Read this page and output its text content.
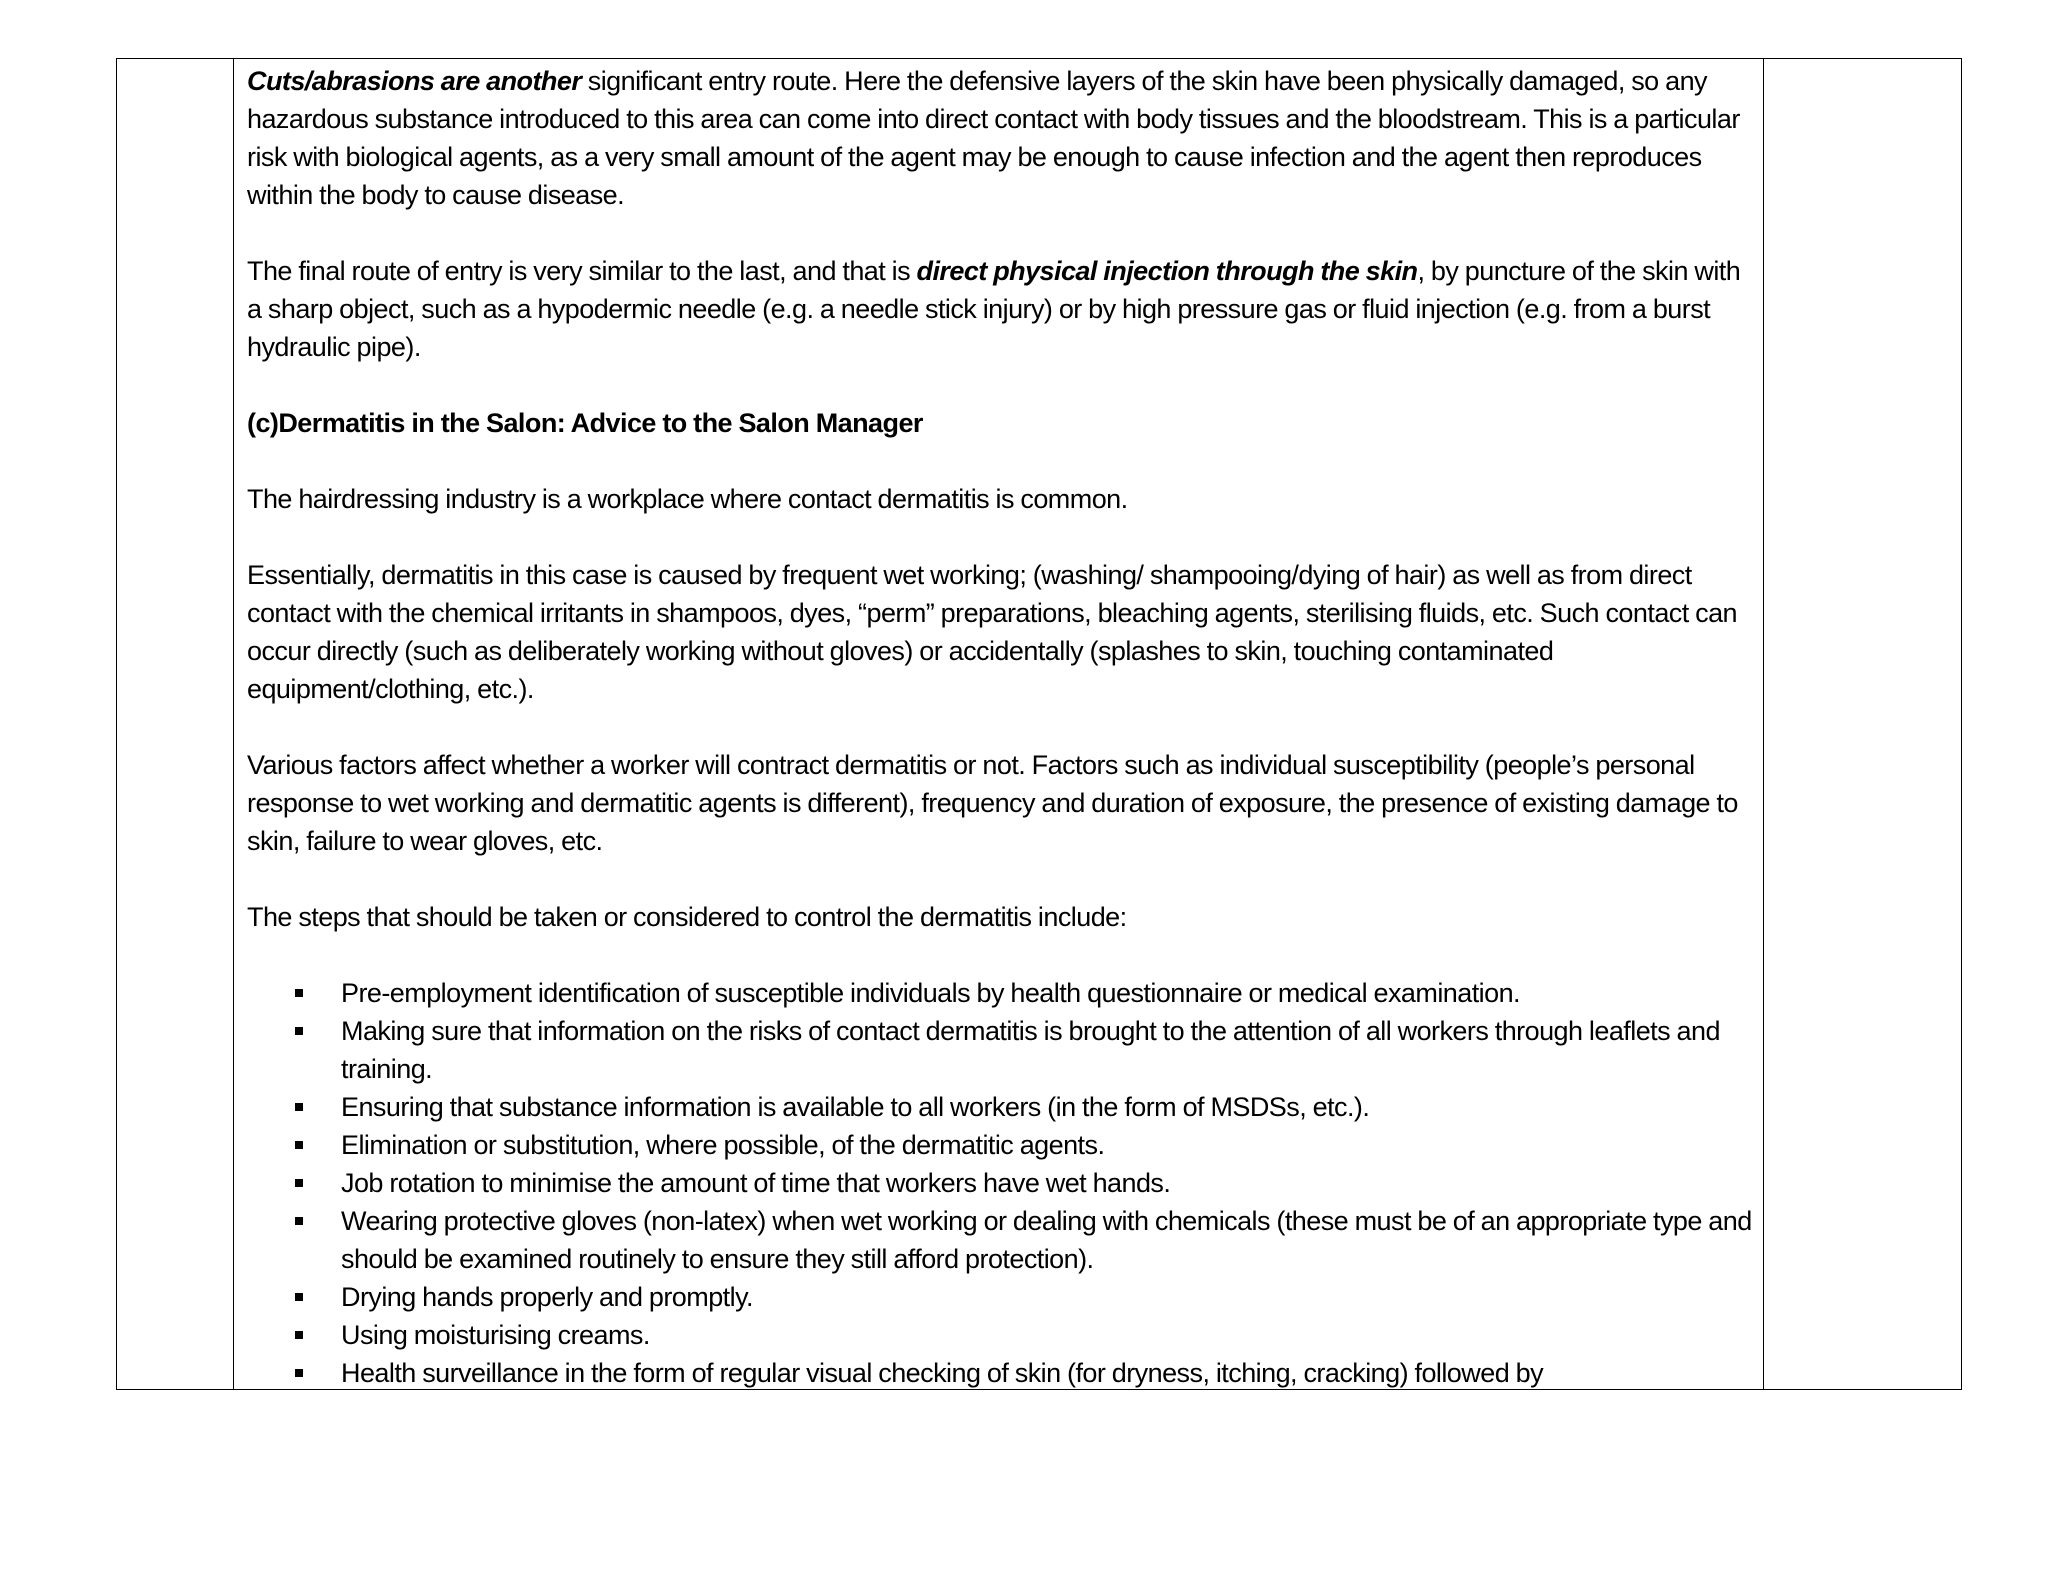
Cuts/abrasions are another significant entry route. Here the defensive layers of the skin have been physically damaged, so any hazardous substance introduced to this area can come into direct contact with body tissues and the bloodstream. This is a particular risk with biological agents, as a very small amount of the agent may be enough to cause infection and the agent then reproduces within the body to cause disease.

The final route of entry is very similar to the last, and that is direct physical injection through the skin, by puncture of the skin with a sharp object, such as a hypodermic needle (e.g. a needle stick injury) or by high pressure gas or fluid injection (e.g. from a burst hydraulic pipe).

(c)Dermatitis in the Salon: Advice to the Salon Manager

The hairdressing industry is a workplace where contact dermatitis is common.

Essentially, dermatitis in this case is caused by frequent wet working; (washing/ shampooing/dying of hair) as well as from direct contact with the chemical irritants in shampoos, dyes, “perm” preparations, bleaching agents, sterilising fluids, etc. Such contact can occur directly (such as deliberately working without gloves) or accidentally (splashes to skin, touching contaminated equipment/clothing, etc.).

Various factors affect whether a worker will contract dermatitis or not. Factors such as individual susceptibility (people’s personal response to wet working and dermatitic agents is different), frequency and duration of exposure, the presence of existing damage to skin, failure to wear gloves, etc.

The steps that should be taken or considered to control the dermatitis include:

Pre-employment identification of susceptible individuals by health questionnaire or medical examination.
Making sure that information on the risks of contact dermatitis is brought to the attention of all workers through leaflets and training.
Ensuring that substance information is available to all workers (in the form of MSDSs, etc.).
Elimination or substitution, where possible, of the dermatitic agents.
Job rotation to minimise the amount of time that workers have wet hands.
Wearing protective gloves (non-latex) when wet working or dealing with chemicals (these must be of an appropriate type and should be examined routinely to ensure they still afford protection).
Drying hands properly and promptly.
Using moisturising creams.
Health surveillance in the form of regular visual checking of skin (for dryness, itching, cracking) followed by
